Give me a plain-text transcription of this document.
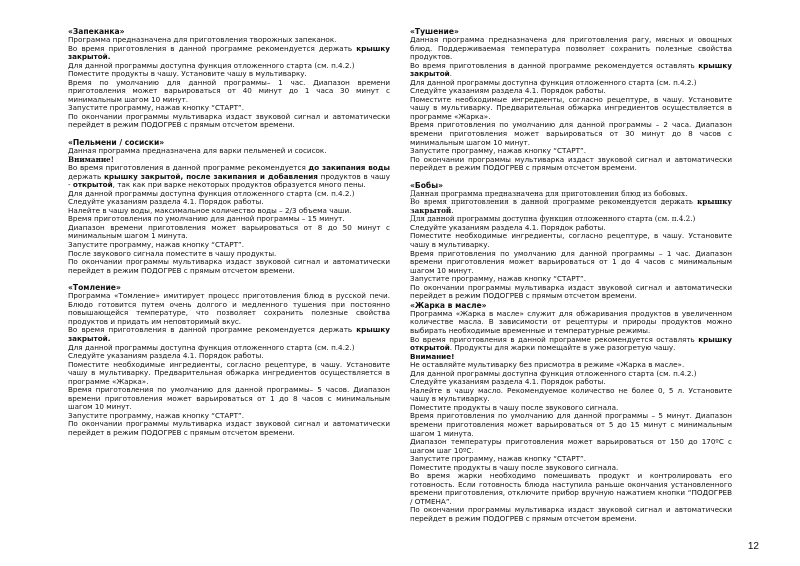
«Запеканка»

Программа предназначена для приготовления творожных запеканок.

Во время приготовления в данной программе рекомендуется держать крышку закрытой.

Для данной программы доступна функция отложенного старта (см. п.4.2.)

Поместите продукты в чашу. Установите чашу в мультиварку.

Время по умолчанию для данной программы– 1 час. Диапазон времени приготовления может варьироваться от 40 минут до 1 часа 30 минут с минимальным шагом 10 минут.

Запустите программу, нажав кнопку “СТАРТ”.

По окончании программы мультиварка издаст звуковой сигнал и автоматически перейдет в режим ПОДОГРЕВ с прямым отсчетом времени.

«Пельмени / сосиски»

Данная программа предназначена для варки пельменей и сосисок.

Внимание!

Во время приготовления в данной программе рекомендуется до закипания воды держать крышку закрытой, после закипания и добавления продуктов в чашу - открытой, так как при варке некоторых продуктов образуется много пены.

Для данной программы доступна функция отложенного старта (см. п.4.2.)

Следуйте указаниям раздела 4.1. Порядок работы.

Налейте в чашу воды, максимальное количество воды – 2/3 объема чаши.

Время приготовления по умолчанию для данной программы – 15 минут.

Диапазон времени приготовления может варьироваться от 8 до 50 минут с минимальным шагом 1 минута.

Запустите программу, нажав кнопку “СТАРТ”.

После звукового сигнала поместите в чашу продукты.

По окончании программы мультиварка издаст звуковой сигнал и автоматически перейдет в режим ПОДОГРЕВ с прямым отсчетом времени.

«Томление»

Программа «Томление» имитирует процесс приготовления блюд в русской печи. Блюдо готовится путем очень долгого и медленного тушения при постоянно повышающейся температуре, что позволяет сохранить полезные свойства продуктов и придать им неповторимый вкус.

Во время приготовления в данной программе рекомендуется держать крышку закрытой.

Для данной программы доступна функция отложенного старта (см. п.4.2.)

Следуйте указаниям раздела 4.1. Порядок работы.

Поместите необходимые ингредиенты, согласно рецептуре, в чашу. Установите чашу в мультиварку. Предварительная обжарка ингредиентов осуществляется в программе «Жарка».

Время приготовления по умолчанию для данной программы– 5 часов. Диапазон времени приготовления может варьироваться от 1 до 8 часов с минимальным шагом 10 минут.

Запустите программу, нажав кнопку “СТАРТ”.

По окончании программы мультиварка издаст звуковой сигнал и автоматически перейдет в режим ПОДОГРЕВ с прямым отсчетом времени.

«Тушение»

Данная программа предназначена для приготовления рагу, мясных и овощных блюд. Поддерживаемая температура позволяет сохранить полезные свойства продуктов.

Во время приготовления в данной программе рекомендуется оставлять крышку закрытой.

Для данной программы доступна функция отложенного старта (см. п.4.2.)

Следуйте указаниям раздела 4.1. Порядок работы.

Поместите необходимые ингредиенты, согласно рецептуре, в чашу. Установите чашу в мультиварку. Предварительная обжарка ингредиентов осуществляется в программе «Жарка».

Время приготовления по умолчанию для данной программы – 2 часа. Диапазон времени приготовления может варьироваться от 30 минут до 8 часов с минимальным шагом 10 минут.

Запустите программу, нажав кнопку “СТАРТ”.

По окончании программы мультиварка издаст звуковой сигнал и автоматически перейдет в режим ПОДОГРЕВ с прямым отсчетом времени.

«Бобы»

Данная программа предназначена для приготовления блюд из бобовых.

Во время приготовления в данной программе рекомендуется держать крышку закрытой.

Для данной программы доступна функция отложенного старта (см. п.4.2.)

Следуйте указаниям раздела 4.1. Порядок работы.

Поместите необходимые ингредиенты, согласно рецептуре, в чашу. Установите чашу в мультиварку.

Время приготовления по умолчанию для данной программы – 1 час. Диапазон времени приготовления может варьироваться от 1 до 4 часов с минимальным шагом 10 минут.

Запустите программу, нажав кнопку “СТАРТ”.

По окончании программы мультиварка издаст звуковой сигнал и автоматически перейдет в режим ПОДОГРЕВ с прямым отсчетом времени.

«Жарка в масле»

Программа «Жарка в масле» служит для обжаривания продуктов в увеличенном количестве масла. В зависимости от рецептуры и природы продуктов можно выбирать необходимые временные и температурные режимы.

Во время приготовления в данной программе рекомендуется оставлять крышку открытой. Продукты для жарки помещайте в уже разогретую чашу.

Внимание!

Не оставляйте мультиварку без присмотра в режиме «Жарка в масле».

Для данной программы доступна функция отложенного старта (см. п.4.2.)

Следуйте указаниям раздела 4.1. Порядок работы.

Налейте в чашу масло. Рекомендуемое количество не более 0, 5 л. Установите чашу в мультиварку.

Поместите продукты в чашу после звукового сигнала.

Время приготовления по умолчанию для данной программы – 5 минут. Диапазон времени приготовления может варьироваться от 5 до 15 минут с минимальным шагом 1 минута.

Диапазон температуры приготовления может варьироваться от 150 до 170ºС с шагом шаг 10ºС.

Запустите программу, нажав кнопку “СТАРТ”.

Поместите продукты в чашу после звукового сигнала.

Во время жарки необходимо помешивать продукт и контролировать его готовность. Если готовность блюда наступила раньше окончания установленного времени приготовления, отключите прибор вручную нажатием кнопки “ПОДОГРЕВ / ОТМЕНА”.

По окончании программы мультиварка издаст звуковой сигнал и автоматически перейдет в режим ПОДОГРЕВ с прямым отсчетом времени.

12
